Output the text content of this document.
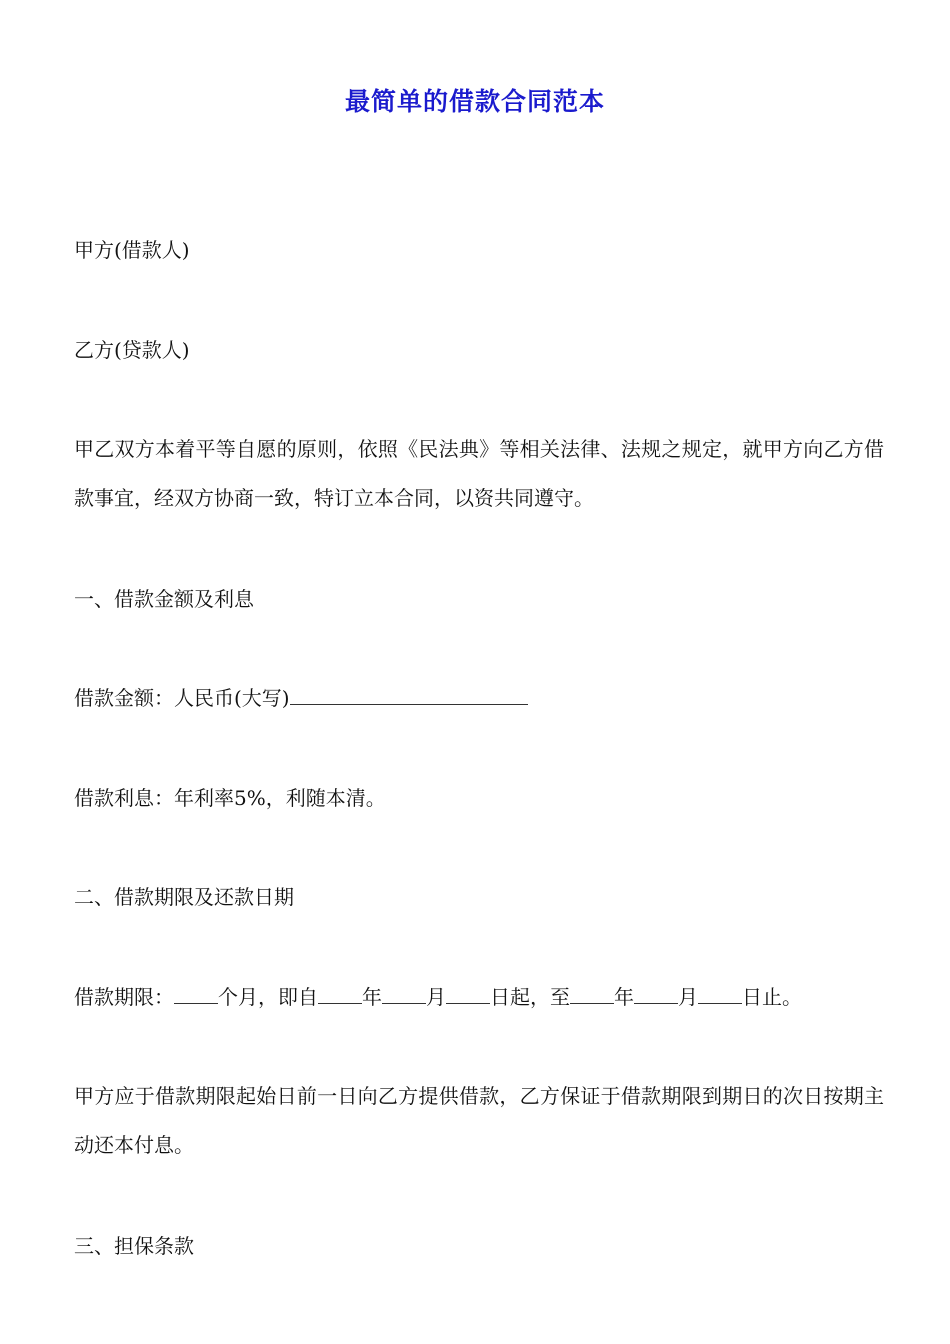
最简单的借款合同范本
甲方(借款人)
乙方(贷款人)
甲乙双方本着平等自愿的原则，依照《民法典》等相关法律、法规之规定，就甲方向乙方借款事宜，经双方协商一致，特订立本合同，以资共同遵守。
一、借款金额及利息
借款金额：人民币(大写)
借款利息：年利率5%，利随本清。
二、借款期限及还款日期
借款期限： 个月，即自 年 月 日起，至 年 月 日止。
甲方应于借款期限起始日前一日向乙方提供借款，乙方保证于借款期限到期日的次日按期主动还本付息。
三、担保条款
